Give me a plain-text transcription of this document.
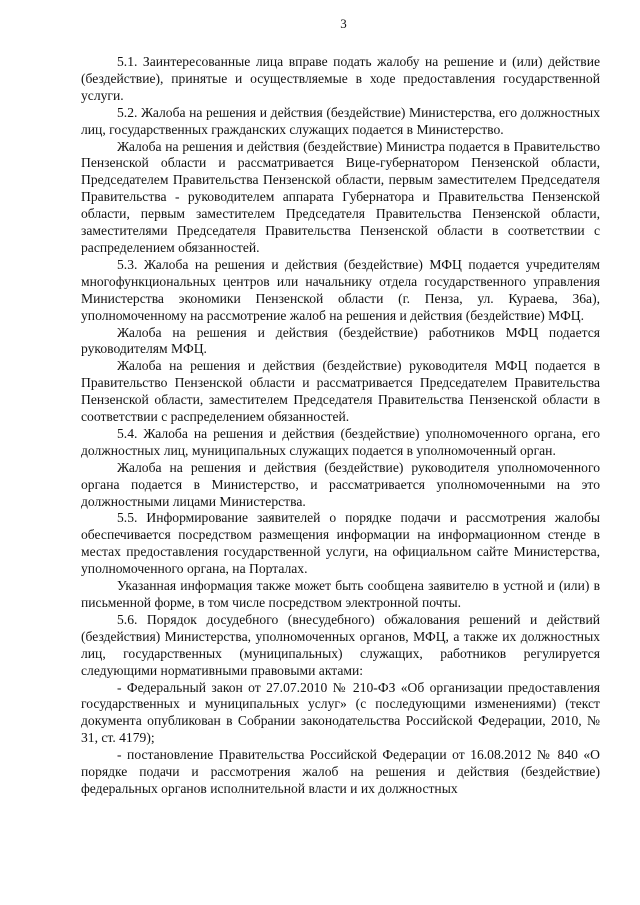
3

5.1. Заинтересованные лица вправе подать жалобу на решение и (или) действие (бездействие), принятые и осуществляемые в ходе предоставления государственной услуги.

5.2. Жалоба на решения и действия (бездействие) Министерства, его должностных лиц, государственных гражданских служащих подается в Министерство.

Жалоба на решения и действия (бездействие) Министра подается в Правительство Пензенской области и рассматривается Вице-губернатором Пензенской области, Председателем Правительства Пензенской области, первым заместителем Председателя Правительства - руководителем аппарата Губернатора и Правительства Пензенской области, первым заместителем Председателя Правительства Пензенской области, заместителями Председателя Правительства Пензенской области в соответствии с распределением обязанностей.

5.3. Жалоба на решения и действия (бездействие) МФЦ подается учредителям многофункциональных центров или начальнику отдела государственного управления Министерства экономики Пензенской области (г. Пенза, ул. Кураева, 36а), уполномоченному на рассмотрение жалоб на решения и действия (бездействие) МФЦ.

Жалоба на решения и действия (бездействие) работников МФЦ подается руководителям МФЦ.

Жалоба на решения и действия (бездействие) руководителя МФЦ подается в Правительство Пензенской области и рассматривается Председателем Правительства Пензенской области, заместителем Председателя Правительства Пензенской области в соответствии с распределением обязанностей.

5.4. Жалоба на решения и действия (бездействие) уполномоченного органа, его должностных лиц, муниципальных служащих подается в уполномоченный орган.

Жалоба на решения и действия (бездействие) руководителя уполномоченного органа подается в Министерство, и рассматривается уполномоченными на это должностными лицами Министерства.

5.5. Информирование заявителей о порядке подачи и рассмотрения жалобы обеспечивается посредством размещения информации на информационном стенде в местах предоставления государственной услуги, на официальном сайте Министерства, уполномоченного органа, на Порталах.

Указанная информация также может быть сообщена заявителю в устной и (или) в письменной форме, в том числе посредством электронной почты.

5.6. Порядок досудебного (внесудебного) обжалования решений и действий (бездействия) Министерства, уполномоченных органов, МФЦ, а также их должностных лиц, государственных (муниципальных) служащих, работников регулируется следующими нормативными правовыми актами:

- Федеральный закон от 27.07.2010 № 210-ФЗ «Об организации предоставления государственных и муниципальных услуг» (с последующими изменениями) (текст документа опубликован в Собрании законодательства Российской Федерации, 2010, № 31, ст. 4179);

- постановление Правительства Российской Федерации от 16.08.2012 № 840 «О порядке подачи и рассмотрения жалоб на решения и действия (бездействие) федеральных органов исполнительной власти и их должностных
